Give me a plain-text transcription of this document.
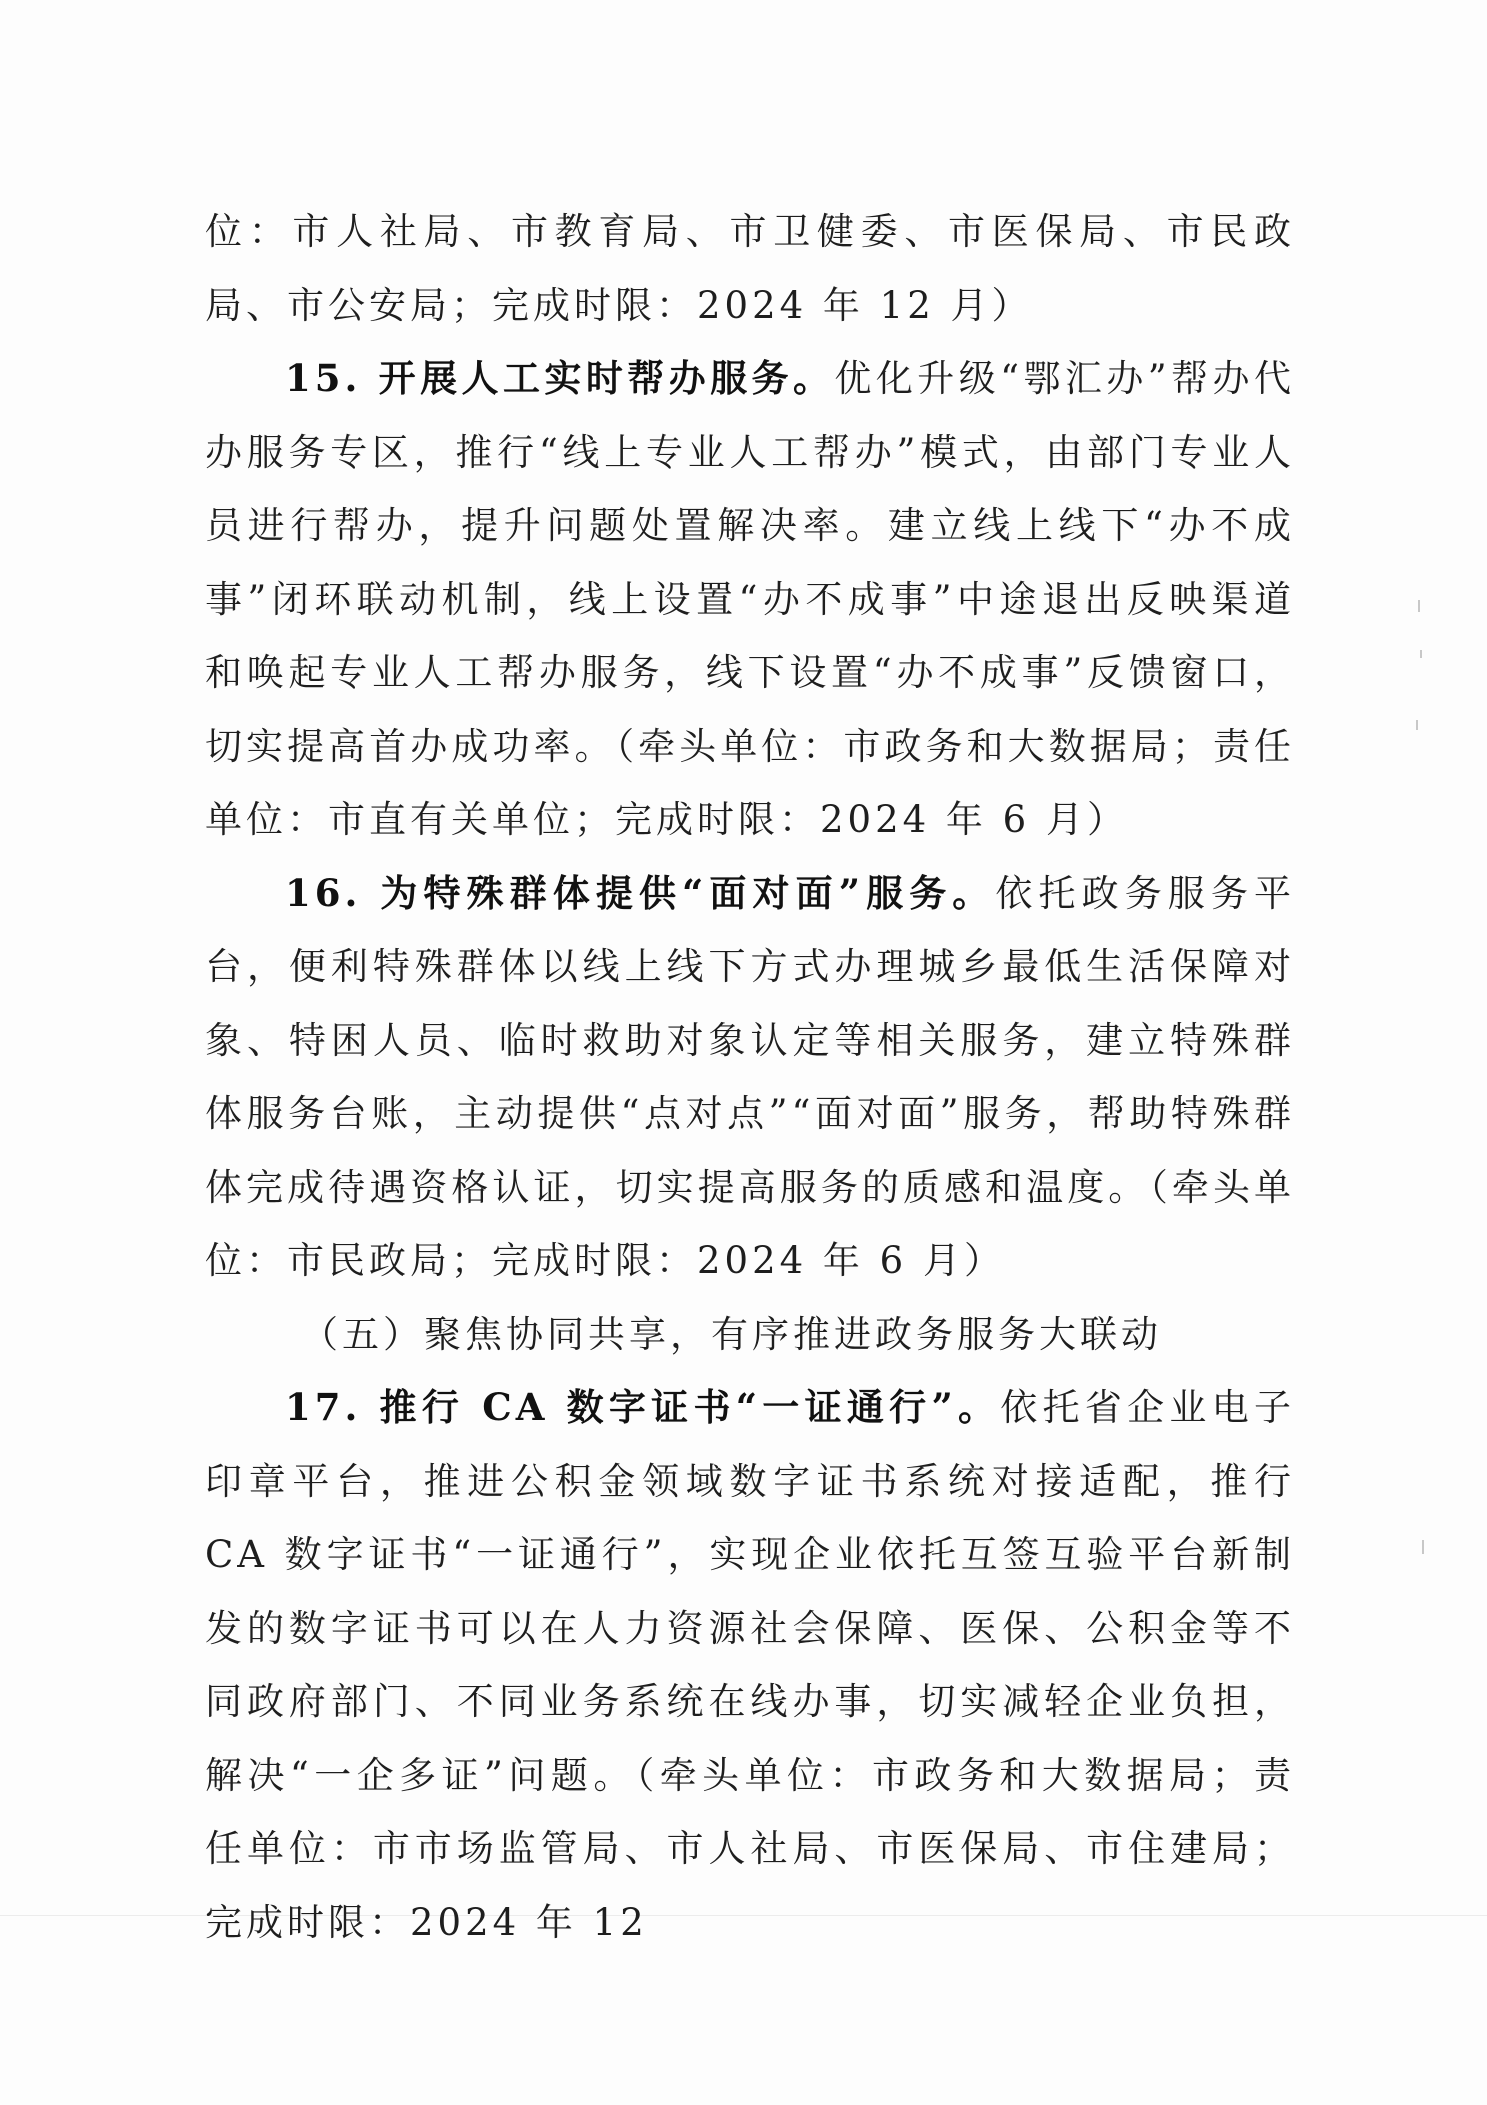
位：市人社局、市教育局、市卫健委、市医保局、市民政局、市公安局；完成时限：2024 年 12 月）

15. 开展人工实时帮办服务。优化升级“鄂汇办”帮办代办服务专区，推行“线上专业人工帮办”模式，由部门专业人员进行帮办，提升问题处置解决率。建立线上线下“办不成事”闭环联动机制，线上设置“办不成事”中途退出反映渠道和唤起专业人工帮办服务，线下设置“办不成事”反馈窗口，切实提高首办成功率。（牵头单位：市政务和大数据局；责任单位：市直有关单位；完成时限：2024 年 6 月）

16. 为特殊群体提供“面对面”服务。依托政务服务平台，便利特殊群体以线上线下方式办理城乡最低生活保障对象、特困人员、临时救助对象认定等相关服务，建立特殊群体服务台账，主动提供“点对点”“面对面”服务，帮助特殊群体完成待遇资格认证，切实提高服务的质感和温度。（牵头单位：市民政局；完成时限：2024 年 6 月）

（五）聚焦协同共享，有序推进政务服务大联动

17. 推行 CA 数字证书“一证通行”。依托省企业电子印章平台，推进公积金领域数字证书系统对接适配，推行 CA 数字证书“一证通行”，实现企业依托互签互验平台新制发的数字证书可以在人力资源社会保障、医保、公积金等不同政府部门、不同业务系统在线办事，切实减轻企业负担，解决“一企多证”问题。（牵头单位：市政务和大数据局；责任单位：市市场监管局、市人社局、市医保局、市住建局；完成时限：2024 年 12
